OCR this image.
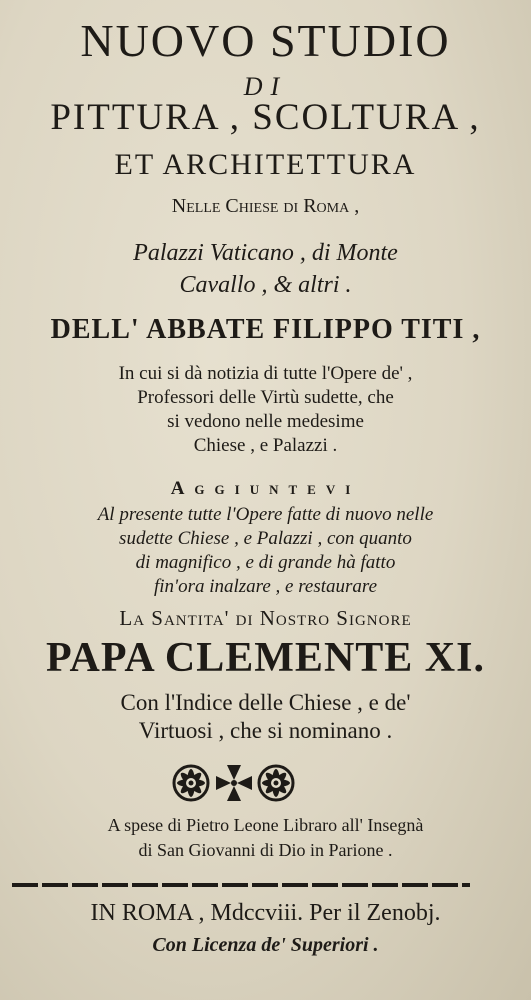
NUOVO STUDIO
DI
PITTURA , SCOLTURA ,
ET ARCHITETTURA
Nelle Chiese di Roma ,
Palazzi Vaticano , di Monte
Cavallo , & altri .
DELL' ABBATE FILIPPO TITI ,
In cui si dà notizia di tutte l'Opere de' ,
Professori delle Virtù sudette, che
si vedono nelle medesime
Chiese , e Palazzi .
Aggiuntevi
Al presente tutte l'Opere fatte di nuovo nelle
sudette Chiese , e Palazzi , con quanto
di magnifico , e di grande hà fatto
fin'ora inalzare , e restaurare
La Santita' di Nostro Signore
PAPA CLEMENTE XI.
Con l'Indice delle Chiese , e de'
Virtuosi , che si nominano .
A spese di Pietro Leone Libraro all' Insegnà
di San Giovanni di Dio in Parione .
IN ROMA , Mdccviii. Per il Zenobj.
Con Licenza de' Superiori .
